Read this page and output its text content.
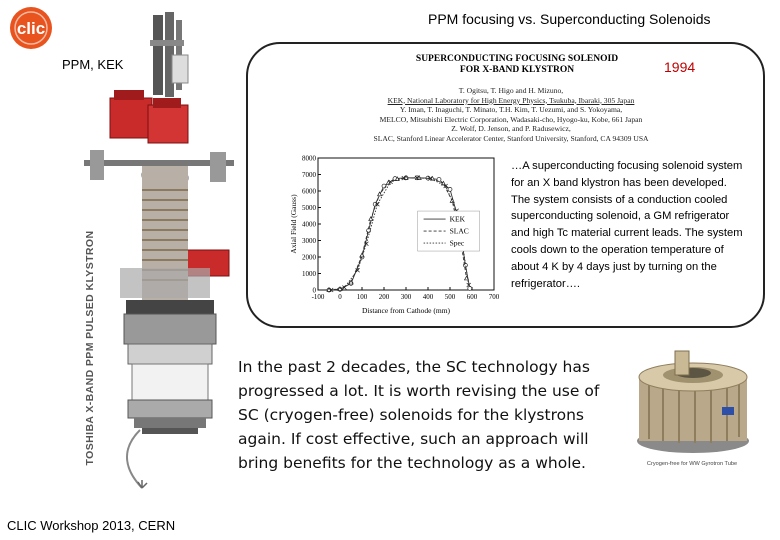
clic	PPM focusing vs. Superconducting Solenoids
PPM, KEK
TOSHIBA X-BAND PPM PULSED KLYSTRON
SUPERCONDUCTING FOCUSING SOLENOID
FOR X-BAND KLYSTRON	1994
T. Ogitsu, T. Higo and H. Mizuno,
KEK, National Laboratory for High Energy Physics, Tsukuba, Ibaraki, 305 Japan
Y. Iman, T. Inaguchi, T. Minato, T.H. Kim, T. Uezumi, and S. Yokoyama,
MELCO, Mitsubishi Electric Corporation, Wadasaki-cho, Hyogo-ku, Kobe, 661 Japan
Z. Wolf, D. Jenson, and P. Radusewicz,
SLAC, Stanford Linear Accelerator Center, Stanford University, Stanford, CA 94309 USA
-100 0 100 200 300 400 500 600 700
0
1000
2000
3000
4000
5000
6000
7000
8000
Distance from Cathode (mm)
Axial Field (Gauss)	KEK
SLAC
Spec
…A superconducting focusing solenoid system for an X band klystron has been developed. The system consists of a conduction cooled superconducting solenoid, a GM refrigerator and high Tc material current leads. The system cools down to the operation temperature of about 4 K by 4 days just by turning on the refrigerator….
In the past 2 decades, the SC technology has progressed a lot. It is worth revising the use of SC (cryogen-free) solenoids for the klystrons again. If cost effective, such an approach will bring benefits for the technology as a whole.	Cryogen-free for WW Gyrotron Tube
CLIC Workshop 2013, CERN
